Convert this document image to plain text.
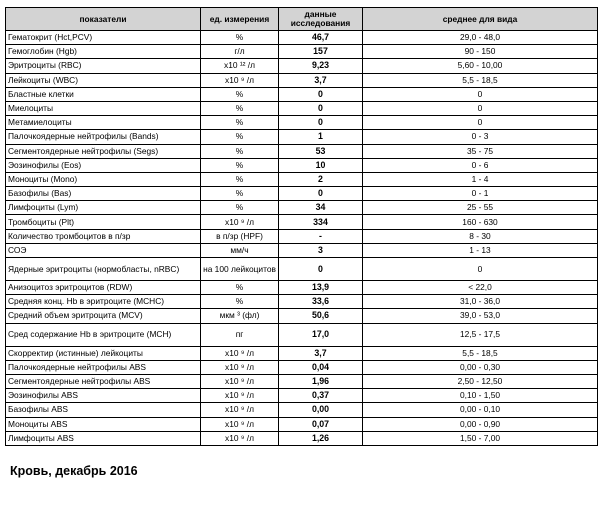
показатели	ед. измерения	данные исследования	среднее для вида
Гематокрит (Hct,PCV)	%	46,7	29,0 - 48,0
Гемоглобин (Hgb)	г/л	157	90 - 150
Эритроциты (RBC)	x10 ¹² /л	9,23	5,60 - 10,00
Лейкоциты (WBC)	x10 ⁹ /л	3,7	5,5 - 18,5
Бластные клетки	%	0	0
Миелоциты	%	0	0
Метамиелоциты	%	0	0
Палочкоядерные нейтрофилы (Bands)	%	1	0 - 3
Сегментоядерные нейтрофилы (Segs)	%	53	35 - 75
Эозинофилы (Eos)	%	10	0 - 6
Моноциты (Mono)	%	2	1 - 4
Базофилы (Bas)	%	0	0 - 1
Лимфоциты (Lym)	%	34	25 - 55
Тромбоциты (Plt)	x10 ⁹ /л	334	160 - 630
Количество тромбоцитов в п/зр	в п/зр (HPF)	-	8 - 30
СОЭ	мм/ч	3	1 - 13
Ядерные эритроциты (нормобласты, nRBC)	на 100 лейкоцитов	0	0
Анизоцитоз эритроцитов (RDW)	%	13,9	< 22,0
Средняя конц. Hb в эритроците (MCHC)	%	33,6	31,0 - 36,0
Средний объем эритроцита (MCV)	мкм ³ (фл)	50,6	39,0 - 53,0
Сред содержание Hb в эритроците (MCH)	пг	17,0	12,5 - 17,5
Скорректир (истинные) лейкоциты	x10 ⁹ /л	3,7	5,5 - 18,5
Палочкоядерные нейтрофилы ABS	x10 ⁹ /л	0,04	0,00 - 0,30
Сегментоядерные нейтрофилы ABS	x10 ⁹ /л	1,96	2,50 - 12,50
Эозинофилы ABS	x10 ⁹ /л	0,37	0,10 - 1,50
Базофилы ABS	x10 ⁹ /л	0,00	0,00 - 0,10
Моноциты ABS	x10 ⁹ /л	0,07	0,00 - 0,90
Лимфоциты ABS	x10 ⁹ /л	1,26	1,50 - 7,00
Кровь, декабрь 2016
